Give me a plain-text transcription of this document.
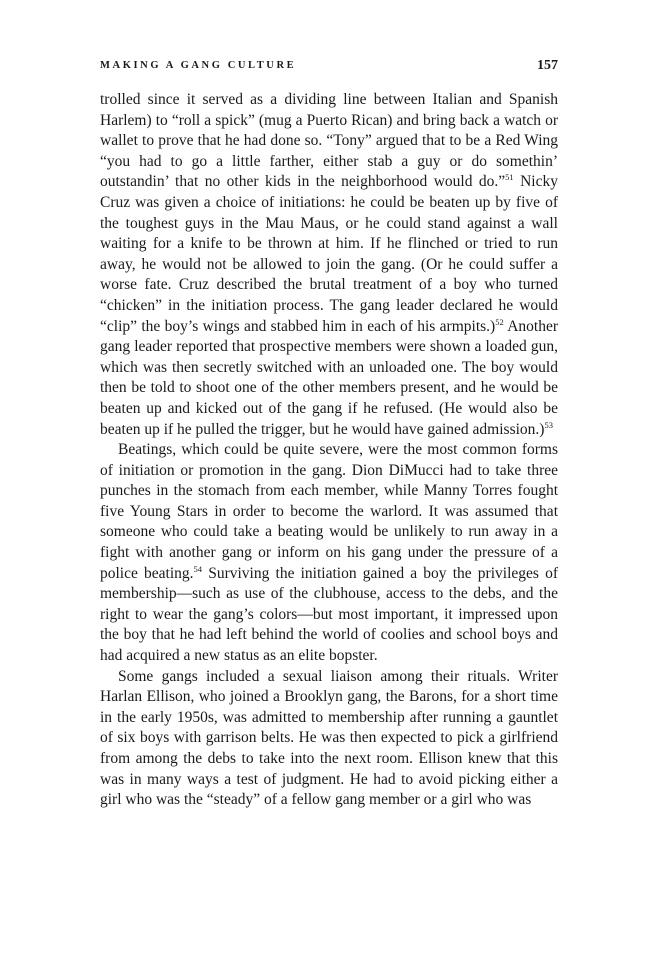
MAKING A GANG CULTURE	157

trolled since it served as a dividing line between Italian and Spanish Harlem) to “roll a spick” (mug a Puerto Rican) and bring back a watch or wallet to prove that he had done so. “Tony” argued that to be a Red Wing “you had to go a little farther, either stab a guy or do somethin’ outstandin’ that no other kids in the neighborhood would do.”$^{51}$ Nicky Cruz was given a choice of initiations: he could be beaten up by five of the toughest guys in the Mau Maus, or he could stand against a wall waiting for a knife to be thrown at him. If he flinched or tried to run away, he would not be allowed to join the gang. (Or he could suffer a worse fate. Cruz described the brutal treatment of a boy who turned “chicken” in the initiation process. The gang leader declared he would “clip” the boy’s wings and stabbed him in each of his armpits.)$^{52}$ Another gang leader reported that prospective members were shown a loaded gun, which was then secretly switched with an unloaded one. The boy would then be told to shoot one of the other members present, and he would be beaten up and kicked out of the gang if he refused. (He would also be beaten up if he pulled the trigger, but he would have gained admission.)$^{53}$

Beatings, which could be quite severe, were the most common forms of initiation or promotion in the gang. Dion DiMucci had to take three punches in the stomach from each member, while Manny Torres fought five Young Stars in order to become the warlord. It was assumed that someone who could take a beating would be unlikely to run away in a fight with another gang or inform on his gang under the pressure of a police beating.$^{54}$ Surviving the initiation gained a boy the privileges of membership—such as use of the clubhouse, access to the debs, and the right to wear the gang’s colors—but most important, it impressed upon the boy that he had left behind the world of coolies and school boys and had acquired a new status as an elite bopster.

Some gangs included a sexual liaison among their rituals. Writer Harlan Ellison, who joined a Brooklyn gang, the Barons, for a short time in the early 1950s, was admitted to membership after running a gauntlet of six boys with garrison belts. He was then expected to pick a girlfriend from among the debs to take into the next room. Ellison knew that this was in many ways a test of judgment. He had to avoid picking either a girl who was the “steady” of a fellow gang member or a girl who was
